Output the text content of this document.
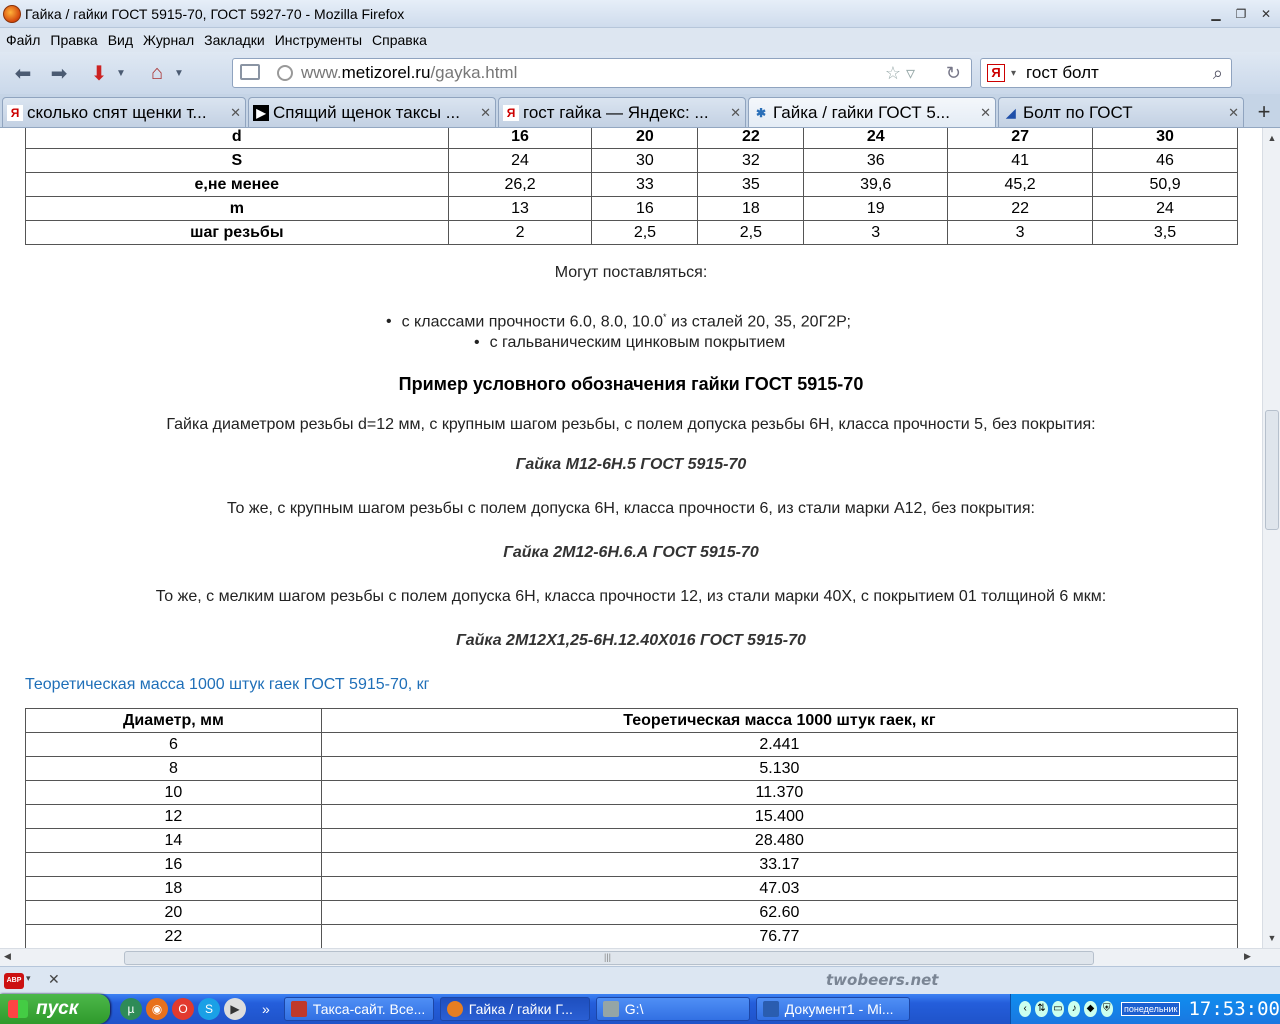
Гайка / гайки ГОСТ 5915-70, ГОСТ 5927-70 - Mozilla Firefox	▁	❐	✕
Файл Правка Вид Журнал Закладки Инструменты Справка
⬅ ➡	⬇ ▼	⌂	▼	www. metizorel.ru /gayka.html	☆ ▿ ↻	Я	▾ гост болт	⌕
Я сколько спят щенки т...	✕ ▶ Спящий щенок таксы ...	✕	Я гост гайка — Яндекс: ...	✕ ✱ Гайка / гайки ГОСТ 5...	✕ ◢ Болт по ГОСТ	✕ +
d	16	20	22	24	27	30
S	24	30	32	36	41	46
е,не менее	26,2	33	35	39,6	45,2	50,9
m	13	16	18	19	22	24
шаг резьбы	2	2,5	2,5	3	3	3,5
Могут поставляться:
• с классами прочности 6.0, 8.0, 10.0* из сталей 20, 35, 20Г2Р;
• с гальваническим цинковым покрытием
Пример условного обозначения гайки ГОСТ 5915-70
Гайка диаметром резьбы d=12 мм, с крупным шагом резьбы, с полем допуска резьбы 6Н, класса прочности 5, без покрытия:
Гайка М12-6Н.5 ГОСТ 5915-70
То же, с крупным шагом резьбы с полем допуска 6Н, класса прочности 6, из стали марки А12, без покрытия:
Гайка 2М12-6Н.6.А ГОСТ 5915-70
То же, с мелким шагом резьбы с полем допуска 6Н, класса прочности 12, из стали марки 40Х, с покрытием 01 толщиной 6 мкм:
Гайка 2М12Х1,25-6Н.12.40Х016 ГОСТ 5915-70
Теоретическая масса 1000 штук гаек ГОСТ 5915-70, кг
Диаметр, мм	Теоретическая масса 1000 штук гаек, кг
6	2.441
8	5.130
10	11.370
12	15.400
14	28.480
16	33.17
18	47.03
20	62.60
22	76.77
▲
▼
◀	|||	▶
ABP ▾ ✕	twobeers.net
пуск	µ	◉	O	S	▶	»	Такса-сайт. Все...	Гайка / гайки Г...	G:\	Документ1 - Mi...	‹	⇅ ▭ ♪ ◆ ⛨	понедельник 17:53:00
